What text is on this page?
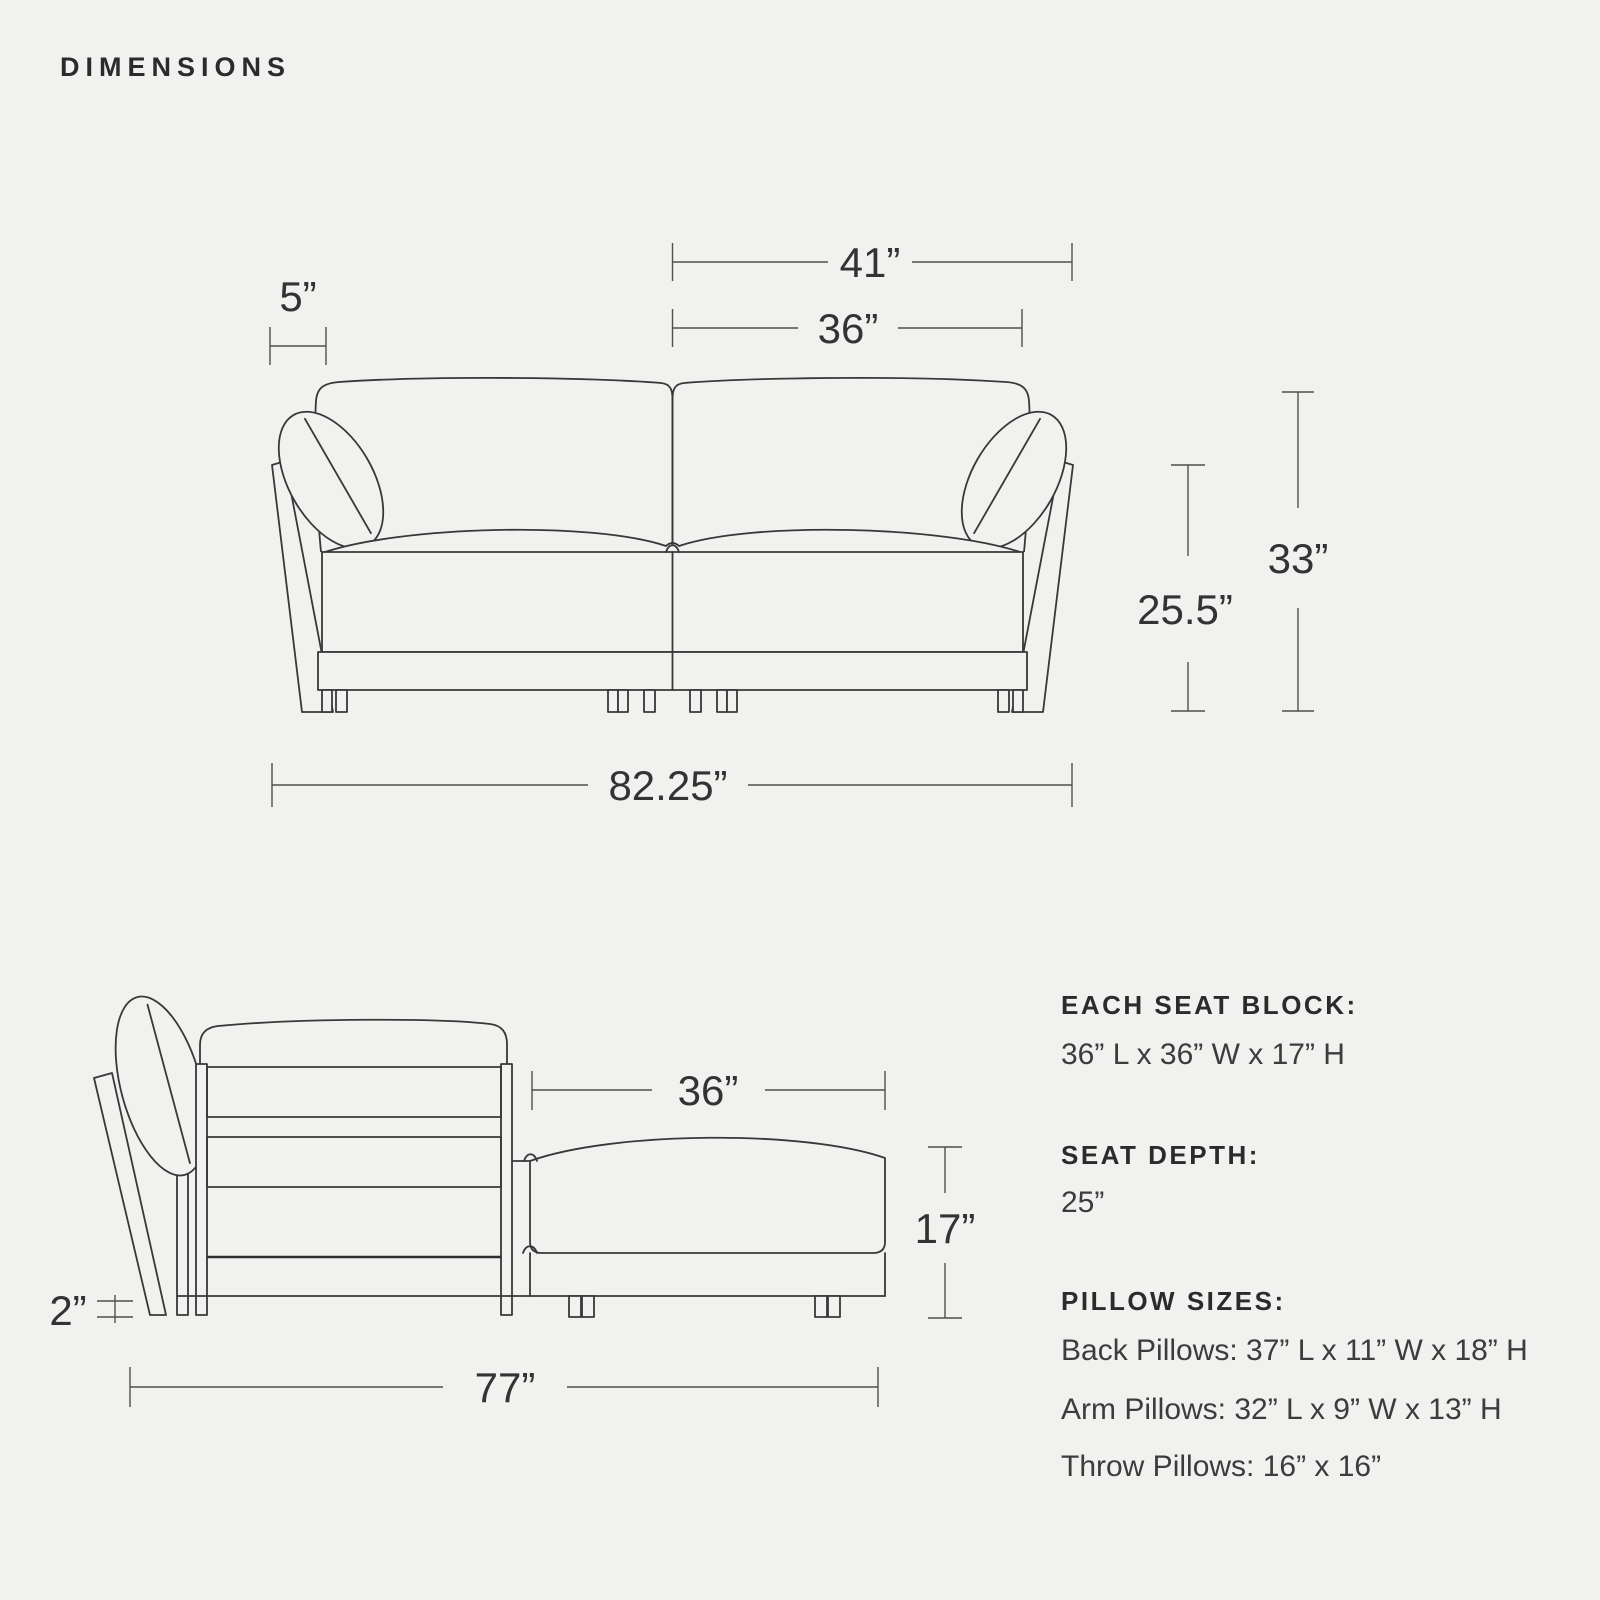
DIMENSIONS
41”
36”
5”
25.5”
33”
82.25”
36”
17”
2”
77”
EACH SEAT BLOCK:
36” L x 36” W x 17” H
SEAT DEPTH:
25”
PILLOW SIZES:
Back Pillows: 37” L x 11” W x 18” H
Arm Pillows: 32” L x 9” W x 13” H
Throw Pillows: 16” x 16”
